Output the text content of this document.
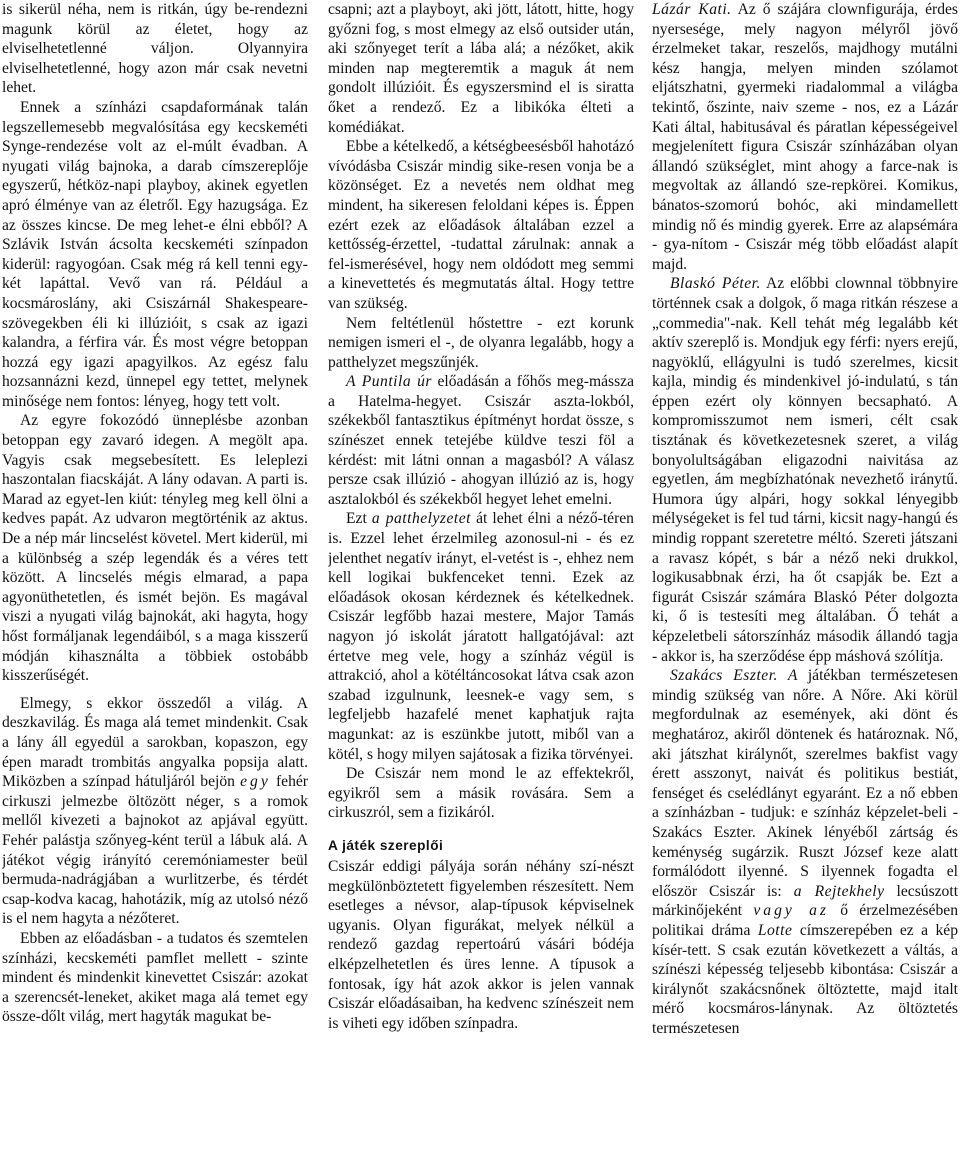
is sikerül néha, nem is ritkán, úgy be-rendezni magunk körül az életet, hogy az elviselhetetlenné váljon. Olyannyira elviselhetetlenné, hogy azon már csak nevetni lehet.

Ennek a színházi csapdaformának talán legszellemesebb megvalósítása egy kecskeméti Synge-rendezése volt az el-múlt évadban. A nyugati világ bajnoka, a darab címszereplője egyszerű, hétköz-napi playboy, akinek egyetlen apró élménye van az életről. Egy hazugsága. Ez az összes kincse. De meg lehet-e élni ebből? A Szlávik István ácsolta kecskeméti színpadon kiderül: ragyogóan. Csak még rá kell tenni egy-két lapáttal. Vevő van rá. Például a kocsmároslány, aki Csiszárnál Shakespeare-szövegekben éli ki illúzióit, s csak az igazi kalandra, a férfira vár. És most végre betoppan hozzá egy igazi apagyilkos. Az egész falu hozsannázni kezd, ünnepel egy tettet, melynek minősége nem fontos: lényeg, hogy tett volt.

Az egyre fokozódó ünneplésbe azonban betoppan egy zavaró idegen. A megölt apa. Vagyis csak megsebesített. Es leleplezi haszontalan fiacskáját. A lány odavan. A parti is. Marad az egyet-len kiút: tényleg meg kell ölni a kedves papát. Az udvaron megtörténik az aktus. De a nép már lincselést követel. Mert kiderül, mi a különbség a szép legendák és a véres tett között. A lincselés mégis elmarad, a papa agyonüthetetlen, és ismét bejön. Es magával viszi a nyugati világ bajnokát, aki hagyta, hogy hőst formáljanak legendáiból, s a maga kisszerű módján kihasználta a többiek ostobább kisszerűségét.

Elmegy, s ekkor összedől a világ. A deszkavilág. És maga alá temet mindenkit. Csak a lány áll egyedül a sarokban, kopaszon, egy épen maradt trombitás angyalka popsija alatt. Miközben a színpad hátuljáról bejön egy fehér cirkuszi jelmezbe öltözött néger, s a romok mellől kivezeti a bajnokot az apjával együtt. Fehér palástja szőnyeg-ként terül a lábuk alá. A játékot végig irányító ceremóniamester beül bermuda-nadrágjában a wurlitzerbe, és térdét csap-kodva kacag, hahotázik, míg az utolsó néző is el nem hagyta a nézőteret.

Ebben az előadásban - a tudatos és szemtelen színházi, kecskeméti pamflet mellett - szinte mindent és mindenkit kinevettet Csiszár: azokat a szerencsét-leneket, akiket maga alá temet egy össze-dőlt világ, mert hagyták magukat be-

csapni; azt a playboyt, aki jött, látott, hitte, hogy győzni fog, s most elmegy az első outsider után, aki szőnyeget terít a lába alá; a nézőket, akik minden nap megteremtik a maguk át nem gondolt illúzióit. És egyszersmind el is siratta őket a rendező. Ez a libikóka élteti a komédiákat.

Ebbe a kételkedő, a kétségbeesésből hahotázó vívódásba Csiszár mindig sike-resen vonja be a közönséget. Ez a nevetés nem oldhat meg mindent, ha sikeresen feloldani képes is. Éppen ezért ezek az előadások általában ezzel a kettősség-érzettel, -tudattal zárulnak: annak a fel-ismerésével, hogy nem oldódott meg semmi a kinevettetés és megmutatás által. Hogy tettre van szükség.

Nem feltétlenül hőstettre - ezt korunk nemigen ismeri el -, de olyanra legalább, hogy a patthelyzet megszűnjék.

A Puntila úr előadásán a főhős meg-mássza a Hatelma-hegyet. Csiszár aszta-lokból, székekből fantasztikus építményt hordat össze, s színészet ennek tetejébe küldve teszi föl a kérdést: mit látni onnan a magasból? A válasz persze csak illúzió - ahogyan illúzió az is, hogy asztalokból és székekből hegyet lehet emelni.

Ezt a patthelyzetet át lehet élni a néző-téren is. Ezzel lehet érzelmileg azonosul-ni - és ez jelenthet negatív irányt, el-vetést is -, ehhez nem kell logikai bukfenceket tenni. Ezek az előadások okosan kérdeznek és kételkednek. Csiszár legfőbb hazai mestere, Major Tamás nagyon jó iskolát járatott hallgatójával: azt értetve meg vele, hogy a színház végül is attrakció, ahol a kötéltáncosokat látva csak azon szabad izgulnunk, leesnek-e vagy sem, s legfeljebb hazafelé menet kaphatjuk rajta magunkat: az is eszünkbe jutott, miből van a kötél, s hogy milyen sajátosak a fizika törvényei.

De Csiszár nem mond le az effektekről, egyikről sem a másik rovására. Sem a cirkuszról, sem a fizikáról.

A játék szereplői

Csiszár eddigi pályája során néhány szí-nészt megkülönböztetett figyelemben részesített. Nem esetleges a névsor, alap-típusok képviselnek ugyanis. Olyan figurákat, melyek nélkül a rendező gazdag repertoárú vásári bódéja elképzelhetetlen és üres lenne. A típusok a fontosak, így hát azok akkor is jelen vannak Csiszár előadásaiban, ha kedvenc színészeit nem is viheti egy időben színpadra.

Lázár Kati. Az ő szájára clownfigurája, érdes nyersesége, mely nagyon mélyről jövő érzelmeket takar, reszelős, majdhogy mutálni kész hangja, melyen minden szólamot eljátszhatni, gyermeki riadalommal a világba tekintő, őszinte, naiv szeme - nos, ez a Lázár Kati által, habitusával és páratlan képességeivel megjelenített figura Csiszár színházában olyan állandó szükséglet, mint ahogy a farce-nak is megvoltak az állandó sze-repkörei. Komikus, bánatos-szomorú bohóc, aki mindamellett mindig nő és mindig gyerek. Erre az alapsémára - gya-nítom - Csiszár még több előadást alapít majd.

Blaskó Péter. Az előbbi clownnal többnyire történnek csak a dolgok, ő maga ritkán részese a „commedia"-nak. Kell tehát még legalább két aktív szereplő is. Mondjuk egy férfi: nyers erejű, nagyöklű, ellágyulni is tudó szerelmes, kicsit kajla, mindig és mindenkivel jó-indulatú, s tán éppen ezért oly könnyen becsapható. A kompromisszumot nem ismeri, célt csak tisztának és következetesnek szeret, a világ bonyolultságában eligazodni naivitása az egyetlen, ám megbízhatónak nevezhető iránytű. Humora úgy alpári, hogy sokkal lényegibb mélységeket is fel tud tárni, kicsit nagy-hangú és mindig roppant szeretetre méltó. Szereti játszani a ravasz kópét, s bár a néző neki drukkol, logikusabbnak érzi, ha őt csapják be. Ezt a figurát Csiszár számára Blaskó Péter dolgozta ki, ő is testesíti meg általában. Ő tehát a képzeletbeli sátorszínház második állandó tagja - akkor is, ha szerződése épp máshová szólítja.

Szakács Eszter. A játékban természetesen mindig szükség van nőre. A Nőre. Aki körül megfordulnak az események, aki dönt és meghatároz, akiről döntenek és határoznak. Nő, aki játszhat királynőt, szerelmes bakfist vagy érett asszonyt, naivát és politikus bestiát, fenséget és cselédlányt egyaránt. Ez a nő ebben a színházban - tudjuk: e színház képzelet-beli - Szakács Eszter. Akinek lényéből zártság és keménység sugárzik. Ruszt József keze alatt formálódott ilyenné. S ilyennek fogadta el először Csiszár is: a Rejtekhely lecsúszott márkinőjeként vagy az ő érzelmezésében politikai dráma Lotte címszerepében ez a kép kísér-tett. S csak ezután következett a váltás, a színészi képesség teljesebb kibontása: Csiszár a királynőt szakácsnőnek öltöztette, majd italt mérő kocsmáros-lánynak. Az öltöztetés természetesen
